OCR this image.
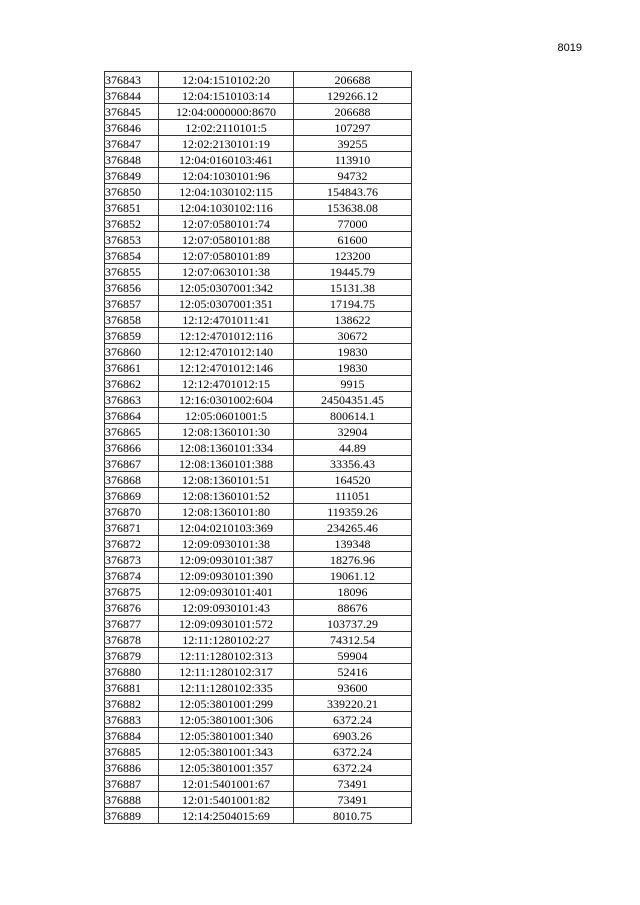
8019
376843	12:04:1510102:20	206688
376844	12:04:1510103:14	129266.12
376845	12:04:0000000:8670	206688
376846	12:02:2110101:5	107297
376847	12:02:2130101:19	39255
376848	12:04:0160103:461	113910
376849	12:04:1030101:96	94732
376850	12:04:1030102:115	154843.76
376851	12:04:1030102:116	153638.08
376852	12:07:0580101:74	77000
376853	12:07:0580101:88	61600
376854	12:07:0580101:89	123200
376855	12:07:0630101:38	19445.79
376856	12:05:0307001:342	15131.38
376857	12:05:0307001:351	17194.75
376858	12:12:4701011:41	138622
376859	12:12:4701012:116	30672
376860	12:12:4701012:140	19830
376861	12:12:4701012:146	19830
376862	12:12:4701012:15	9915
376863	12:16:0301002:604	24504351.45
376864	12:05:0601001:5	800614.1
376865	12:08:1360101:30	32904
376866	12:08:1360101:334	44.89
376867	12:08:1360101:388	33356.43
376868	12:08:1360101:51	164520
376869	12:08:1360101:52	111051
376870	12:08:1360101:80	119359.26
376871	12:04:0210103:369	234265.46
376872	12:09:0930101:38	139348
376873	12:09:0930101:387	18276.96
376874	12:09:0930101:390	19061.12
376875	12:09:0930101:401	18096
376876	12:09:0930101:43	88676
376877	12:09:0930101:572	103737.29
376878	12:11:1280102:27	74312.54
376879	12:11:1280102:313	59904
376880	12:11:1280102:317	52416
376881	12:11:1280102:335	93600
376882	12:05:3801001:299	339220.21
376883	12:05:3801001:306	6372.24
376884	12:05:3801001:340	6903.26
376885	12:05:3801001:343	6372.24
376886	12:05:3801001:357	6372.24
376887	12:01:5401001:67	73491
376888	12:01:5401001:82	73491
376889	12:14:2504015:69	8010.75
